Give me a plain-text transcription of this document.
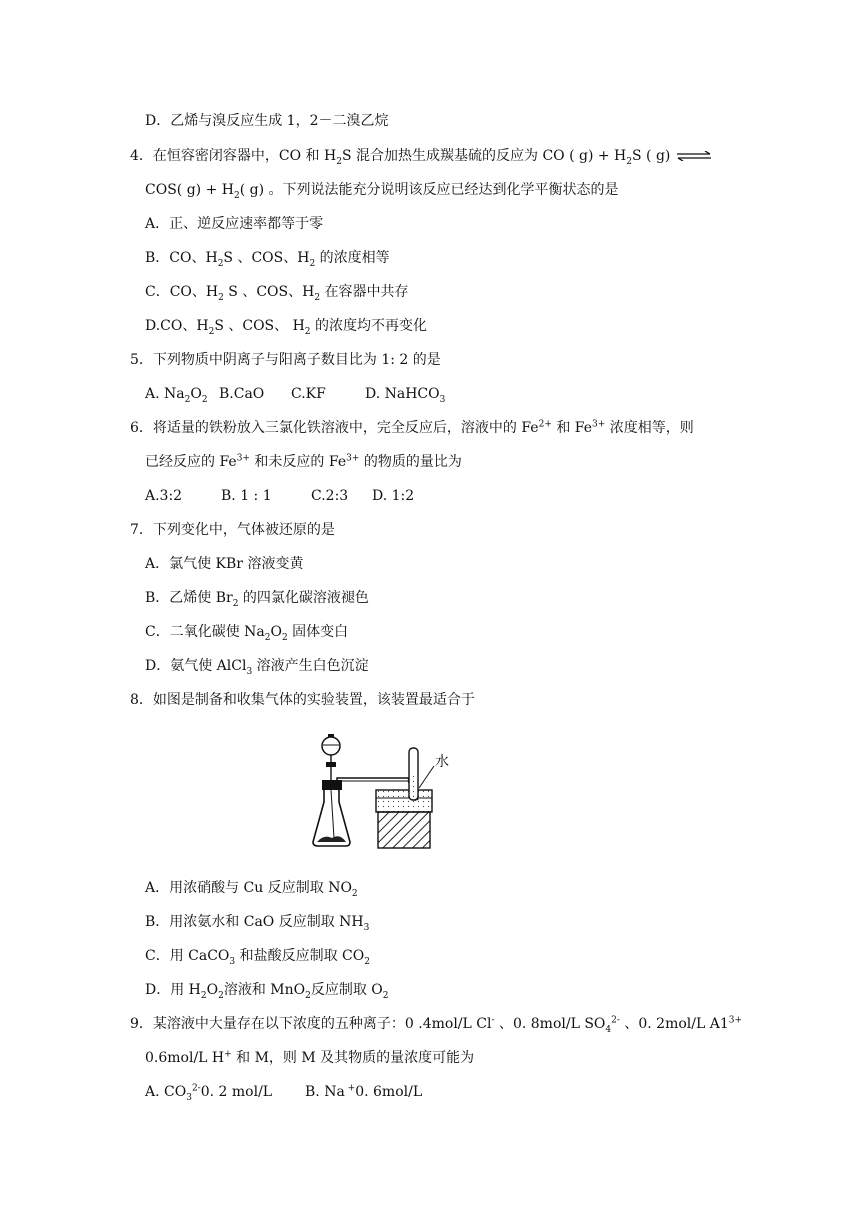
D．乙烯与溴反应生成 1，2－二溴乙烷
4．在恒容密闭容器中，CO 和 $H_2S$ 混合加热生成羰基硫的反应为 CO ( $g) + H_2S$ ( g) ⇌
COS( $g) + H_2$( g) 。下列说法能充分说明该反应已经达到化学平衡状态的是
A．正、逆反应速率都等于零
B．CO、$H_2S$ 、COS、$H_2$ 的浓度相等
C．CO、$H_2$ S 、COS、$H_2$ 在容器中共存
D.CO、$H_2S$ 、COS、 $H_2$ 的浓度均不再变化
5．下列物质中阴离子与阳离子数目比为 1: 2 的是
A. $Na_2O_2$ B.CaO C.KF	D. NaHCO$_3$
6．将适量的铁粉放入三氯化铁溶液中，完全反应后，溶液中的 $Fe^{2+}$ 和 $Fe^{3+}$ 浓度相等，则
已经反应的 $Fe^{3+}$ 和未反应的 $Fe^{3+}$ 的物质的量比为
A.3:2	B. 1 : 1	C.2:3 D. 1:2
7．下列变化中，气体被还原的是
A．氯气使 KBr 溶液变黄
B．乙烯使 $Br_2$ 的四氯化碳溶液褪色
C．二氧化碳使 $Na_2O_2$ 固体变白
D．氨气使 AlCl$_3$ 溶液产生白色沉淀
8．如图是制备和收集气体的实验装置，该装置最适合于
水
A．用浓硝酸与 Cu 反应制取 $NO_2$
B．用浓氨水和 CaO 反应制取 $NH_3$
C．用 CaCO$_3$ 和盐酸反应制取 $CO_2$
D．用 $H_2O_2$溶液和 MnO$_2$反应制取 $O_2$
9．某溶液中大量存在以下浓度的五种离子：0 .4mol/L Cl- 、0. 8mol/L $SO_4^{2-}$ 、0. 2mol/L $A1^{3+}$
0.6mol/L H+ 和 M，则 M 及其物质的量浓度可能为
A. $CO_3^{2-}0$. 2 mol/L B. Na +0. 6mol/L
